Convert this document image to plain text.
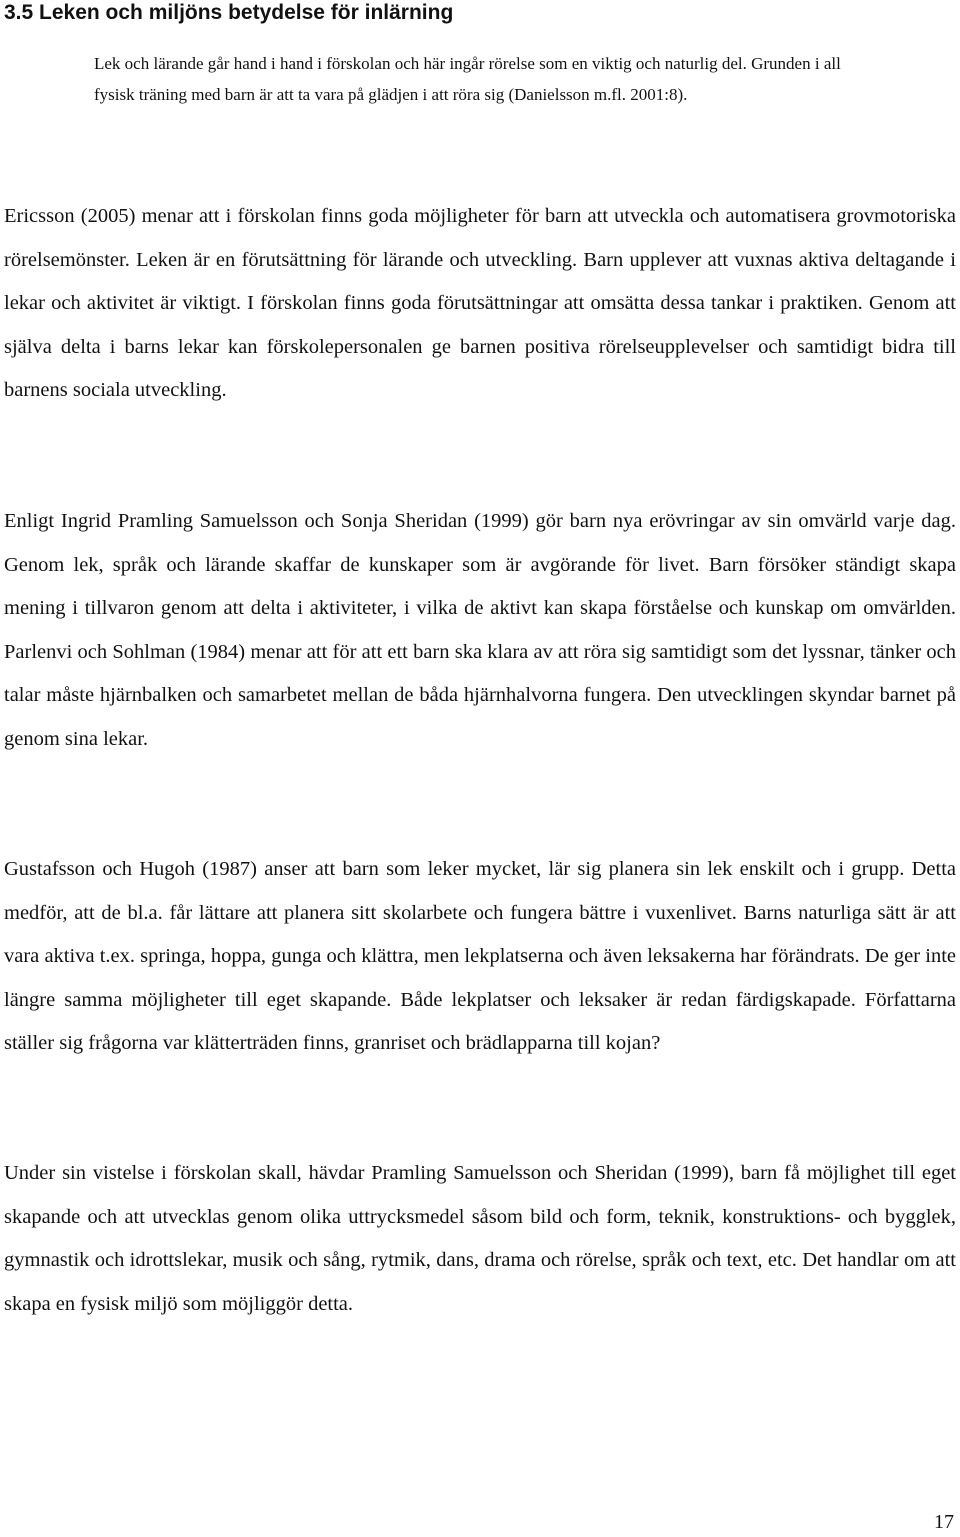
3.5 Leken och miljöns betydelse för inlärning

Lek och lärande går hand i hand i förskolan och här ingår rörelse som en viktig och naturlig del. Grunden i all fysisk träning med barn är att ta vara på glädjen i att röra sig (Danielsson m.fl. 2001:8).

Ericsson (2005) menar att i förskolan finns goda möjligheter för barn att utveckla och automatisera grovmotoriska rörelsemönster. Leken är en förutsättning för lärande och utveckling. Barn upplever att vuxnas aktiva deltagande i lekar och aktivitet är viktigt. I förskolan finns goda förutsättningar att omsätta dessa tankar i praktiken. Genom att själva delta i barns lekar kan förskolepersonalen ge barnen positiva rörelseupplevelser och samtidigt bidra till barnens sociala utveckling.

Enligt Ingrid Pramling Samuelsson och Sonja Sheridan (1999) gör barn nya erövringar av sin omvärld varje dag. Genom lek, språk och lärande skaffar de kunskaper som är avgörande för livet. Barn försöker ständigt skapa mening i tillvaron genom att delta i aktiviteter, i vilka de aktivt kan skapa förståelse och kunskap om omvärlden. Parlenvi och Sohlman (1984) menar att för att ett barn ska klara av att röra sig samtidigt som det lyssnar, tänker och talar måste hjärnbalken och samarbetet mellan de båda hjärnhalvorna fungera. Den utvecklingen skyndar barnet på genom sina lekar.

Gustafsson och Hugoh (1987) anser att barn som leker mycket, lär sig planera sin lek enskilt och i grupp. Detta medför, att de bl.a. får lättare att planera sitt skolarbete och fungera bättre i vuxenlivet. Barns naturliga sätt är att vara aktiva t.ex. springa, hoppa, gunga och klättra, men lekplatserna och även leksakerna har förändrats. De ger inte längre samma möjligheter till eget skapande. Både lekplatser och leksaker är redan färdigskapade. Författarna ställer sig frågorna var klätterträden finns, granriset och brädlapparna till kojan?

Under sin vistelse i förskolan skall, hävdar Pramling Samuelsson och Sheridan (1999), barn få möjlighet till eget skapande och att utvecklas genom olika uttrycksmedel såsom bild och form, teknik, konstruktions- och bygglek, gymnastik och idrottslekar, musik och sång, rytmik, dans, drama och rörelse, språk och text, etc. Det handlar om att skapa en fysisk miljö som möjliggör detta.

17
